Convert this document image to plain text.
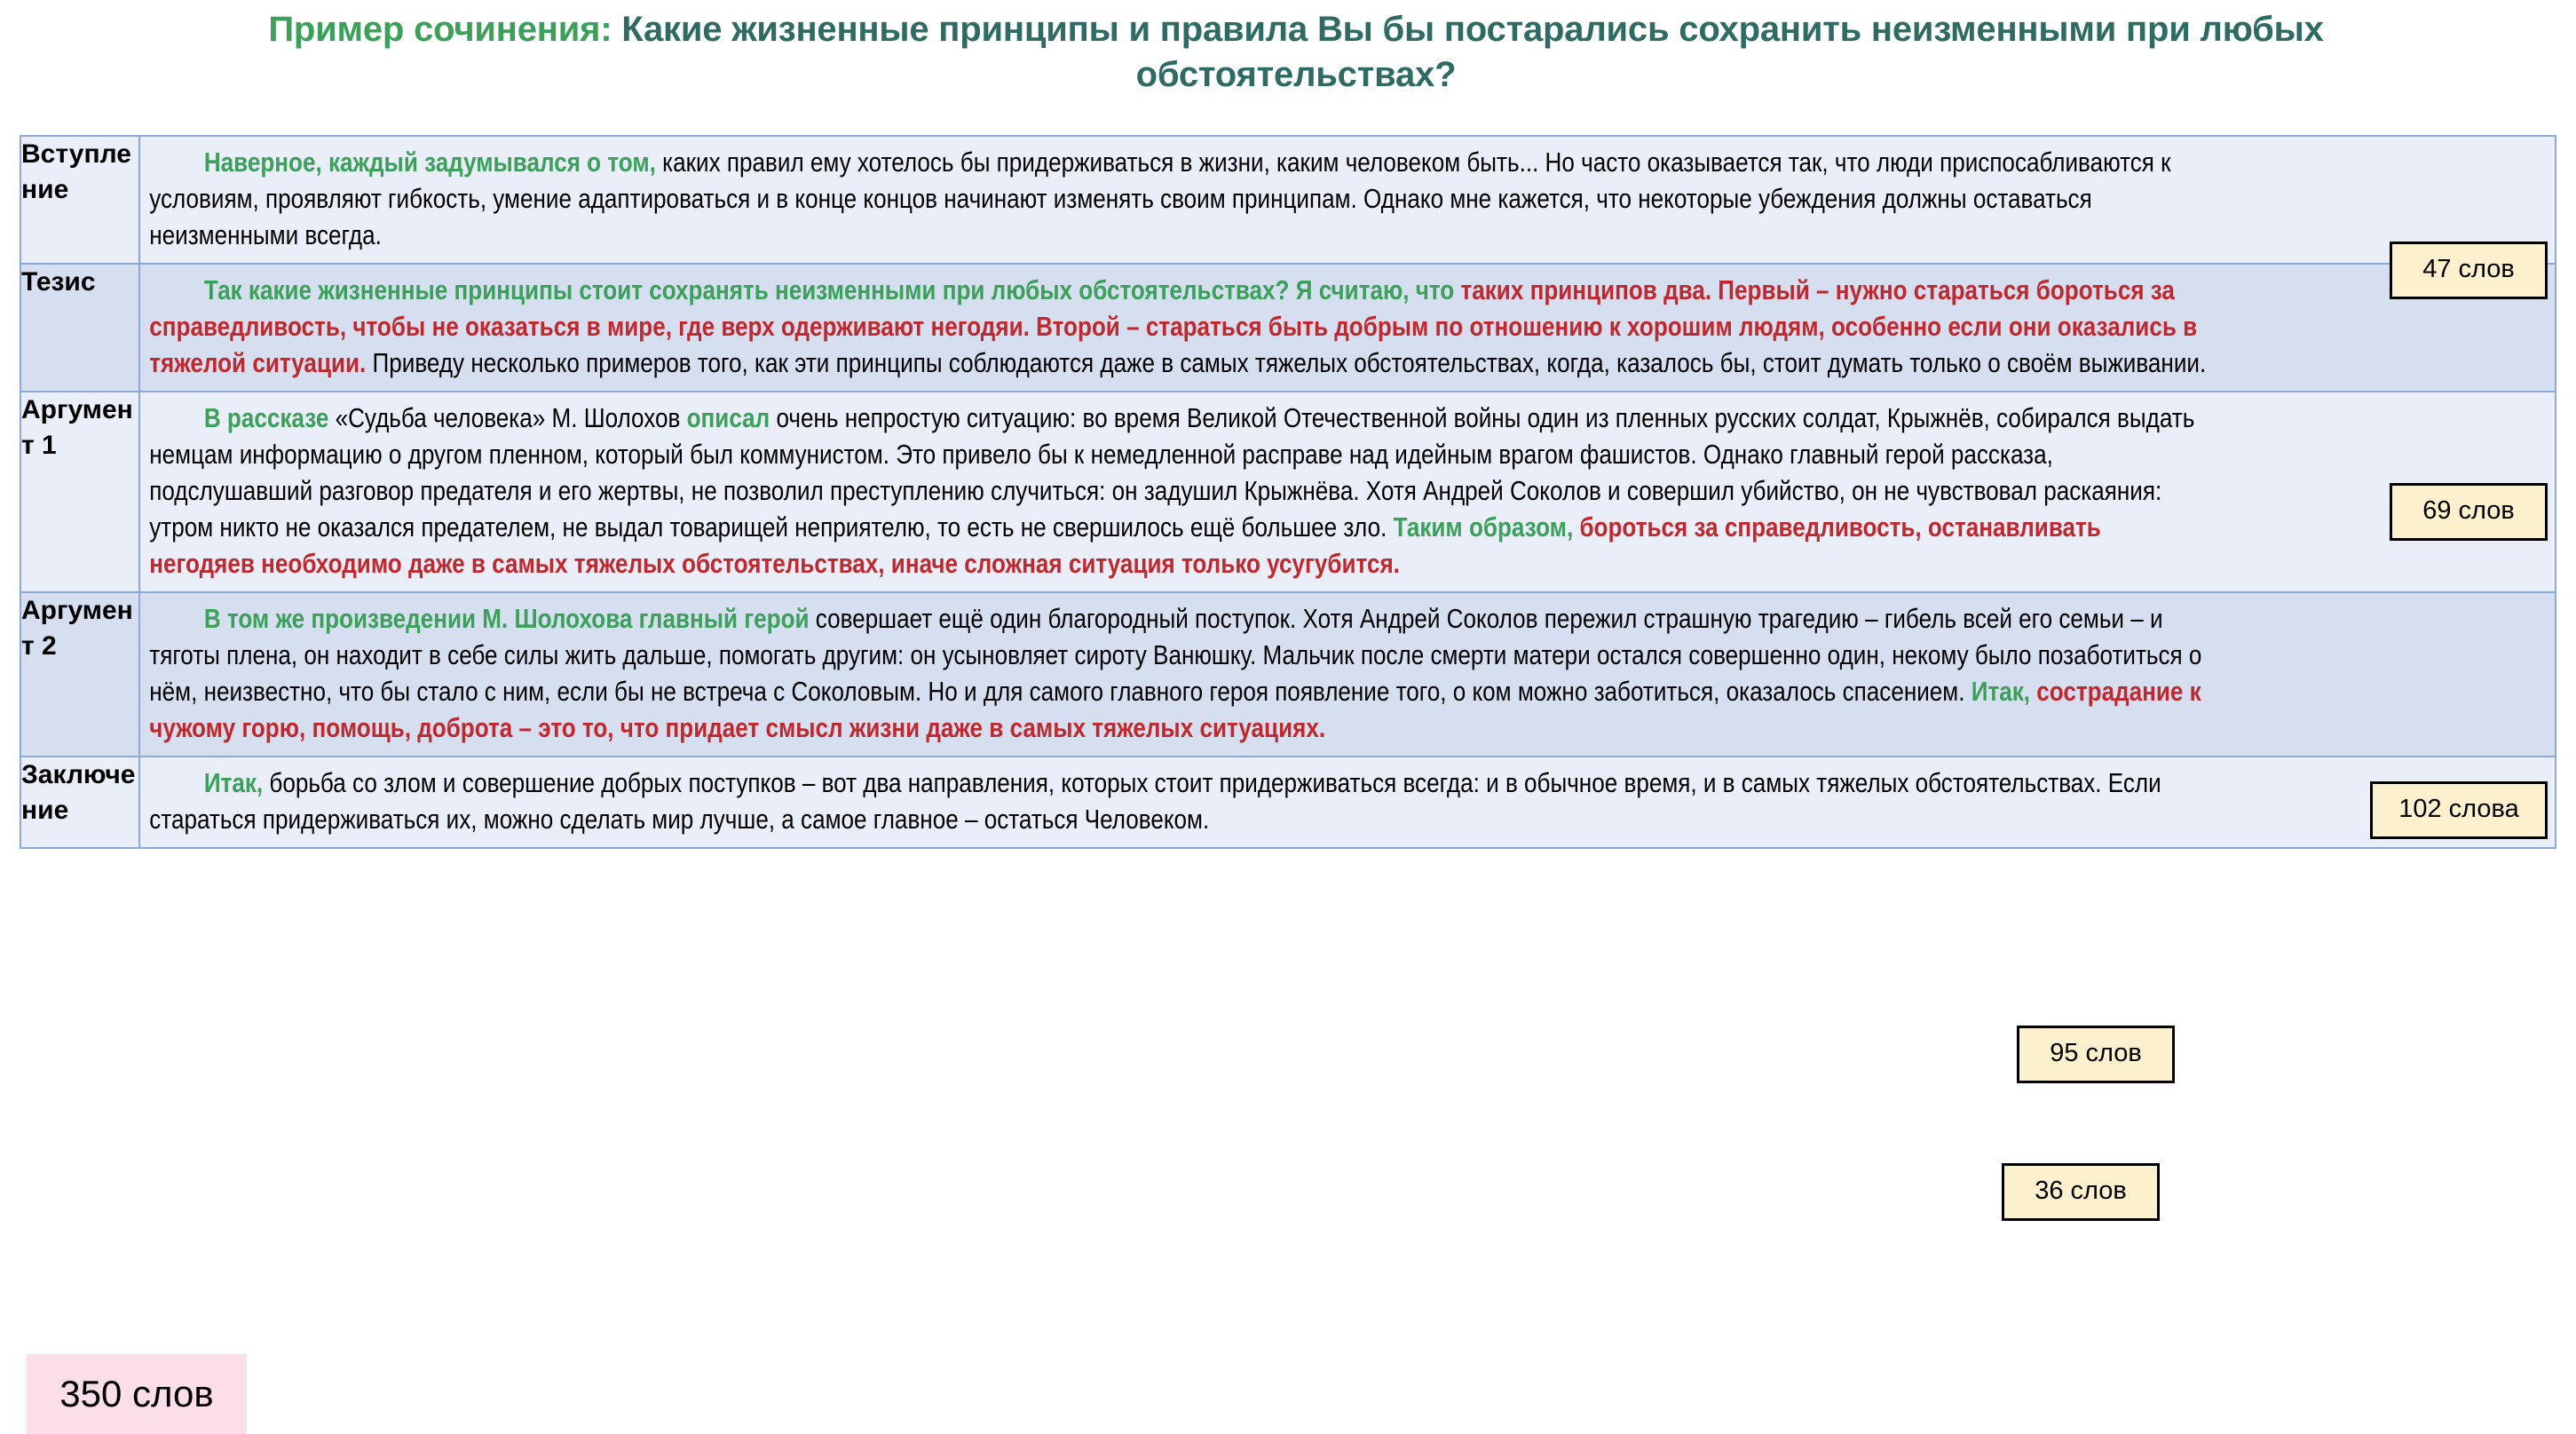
Пример сочинения: Какие жизненные принципы и правила Вы бы постарались сохранить неизменными при любых обстоятельствах?
Вступление	Наверное, каждый задумывался о том, каких правил ему хотелось бы придерживаться в жизни, каким человеком быть... Но часто оказывается так, что люди приспосабливаются к условиям, проявляют гибкость, умение адаптироваться и в конце концов начинают изменять своим принципам. Однако мне кажется, что некоторые убеждения должны оставаться неизменными всегда.

Тезис	Так какие жизненные принципы стоит сохранять неизменными при любых обстоятельствах? Я считаю, что таких принципов два. Первый – нужно стараться бороться за справедливость, чтобы не оказаться в мире, где верх одерживают негодяи. Второй – стараться быть добрым по отношению к хорошим людям, особенно если они оказались в тяжелой ситуации. Приведу несколько примеров того, как эти принципы соблюдаются даже в самых тяжелых обстоятельствах, когда, казалось бы, стоит думать только о своём выживании.

Аргумент 1	В рассказе «Судьба человека» М. Шолохов описал очень непростую ситуацию: во время Великой Отечественной войны один из пленных русских солдат, Крыжнёв, собирался выдать немцам информацию о другом пленном, который был коммунистом. Это привело бы к немедленной расправе над идейным врагом фашистов. Однако главный герой рассказа, подслушавший разговор предателя и его жертвы, не позволил преступлению случиться: он задушил Крыжнёва. Хотя Андрей Соколов и совершил убийство, он не чувствовал раскаяния: утром никто не оказался предателем, не выдал товарищей неприятелю, то есть не свершилось ещё большее зло. Таким образом, бороться за справедливость, останавливать негодяев необходимо даже в самых тяжелых обстоятельствах, иначе сложная ситуация только усугубится.

Аргумент 2	В том же произведении М. Шолохова главный герой совершает ещё один благородный поступок. Хотя Андрей Соколов пережил страшную трагедию – гибель всей его семьи – и тяготы плена, он находит в себе силы жить дальше, помогать другим: он усыновляет сироту Ванюшку. Мальчик после смерти матери остался совершенно один, некому было позаботиться о нём, неизвестно, что бы стало с ним, если бы не встреча с Соколовым. Но и для самого главного героя появление того, о ком можно заботиться, оказалось спасением. Итак, сострадание к чужому горю, помощь, доброта – это то, что придает смысл жизни даже в самых тяжелых ситуациях.

Заключение	Итак, борьба со злом и совершение добрых поступков – вот два направления, которых стоит придерживаться всегда: и в обычное время, и в самых тяжелых обстоятельствах. Если стараться придерживаться их, можно сделать мир лучше, а самое главное – остаться Человеком.

47 слов
69 слов
102 слова
95 слов
36 слов
350 слов
